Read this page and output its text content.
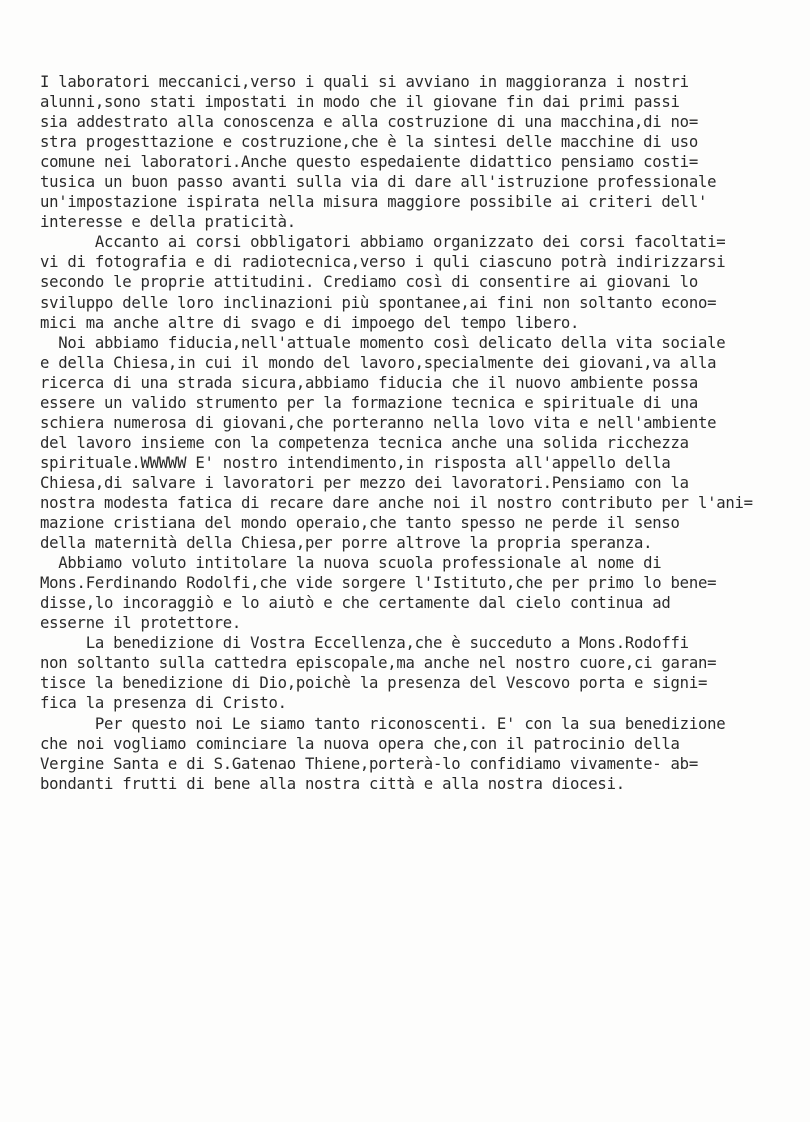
I laboratori meccanici,verso i quali si avviano in maggioranza i nostri
alunni,sono stati impostati in modo che il giovane fin dai primi passi
sia addestrato alla conoscenza e alla costruzione di una macchina,di no=
stra progesttazione e costruzione,che è la sintesi delle macchine di uso
comune nei laboratori.Anche questo espedaiente didattico pensiamo costi=
tusica un buon passo avanti sulla via di dare all'istruzione professionale
un'impostazione ispirata nella misura maggiore possibile ai criteri dell'
interesse e della praticità.
Accanto ai corsi obbligatori abbiamo organizzato dei corsi facoltati=
vi di fotografia e di radiotecnica,verso i quli ciascuno potrà indirizzarsi
secondo le proprie attitudini. Crediamo così di consentire ai giovani lo
sviluppo delle loro inclinazioni più spontanee,ai fini non soltanto econo=
mici ma anche altre di svago e di impoego del tempo libero.
Noi abbiamo fiducia,nell'attuale momento così delicato della vita sociale
e della Chiesa,in cui il mondo del lavoro,specialmente dei giovani,va alla
ricerca di una strada sicura,abbiamo fiducia che il nuovo ambiente possa
essere un valido strumento per la formazione tecnica e spirituale di una
schiera numerosa di giovani,che porteranno nella lovo vita e nell'ambiente
del lavoro insieme con la competenza tecnica anche una solida ricchezza
spirituale.WWWWW E' nostro intendimento,in risposta all'appello della
Chiesa,di salvare i lavoratori per mezzo dei lavoratori.Pensiamo con la
nostra modesta fatica di recare dare anche noi il nostro contributo per l'ani=
mazione cristiana del mondo operaio,che tanto spesso ne perde il senso
della maternità della Chiesa,per porre altrove la propria speranza.
Abbiamo voluto intitolare la nuova scuola professionale al nome di
Mons.Ferdinando Rodolfi,che vide sorgere l'Istituto,che per primo lo bene=
disse,lo incoraggiò e lo aiutò e che certamente dal cielo continua ad
esserne il protettore.
La benedizione di Vostra Eccellenza,che è succeduto a Mons.Rodoffi
non soltanto sulla cattedra episcopale,ma anche nel nostro cuore,ci garan=
tisce la benedizione di Dio,poichè la presenza del Vescovo porta e signi=
fica la presenza di Cristo.
Per questo noi Le siamo tanto riconoscenti. E' con la sua benedizione
che noi vogliamo cominciare la nuova opera che,con il patrocinio della
Vergine Santa e di S.Gatenao Thiene,porterà-lo confidiamo vivamente- ab=
bondanti frutti di bene alla nostra città e alla nostra diocesi.
